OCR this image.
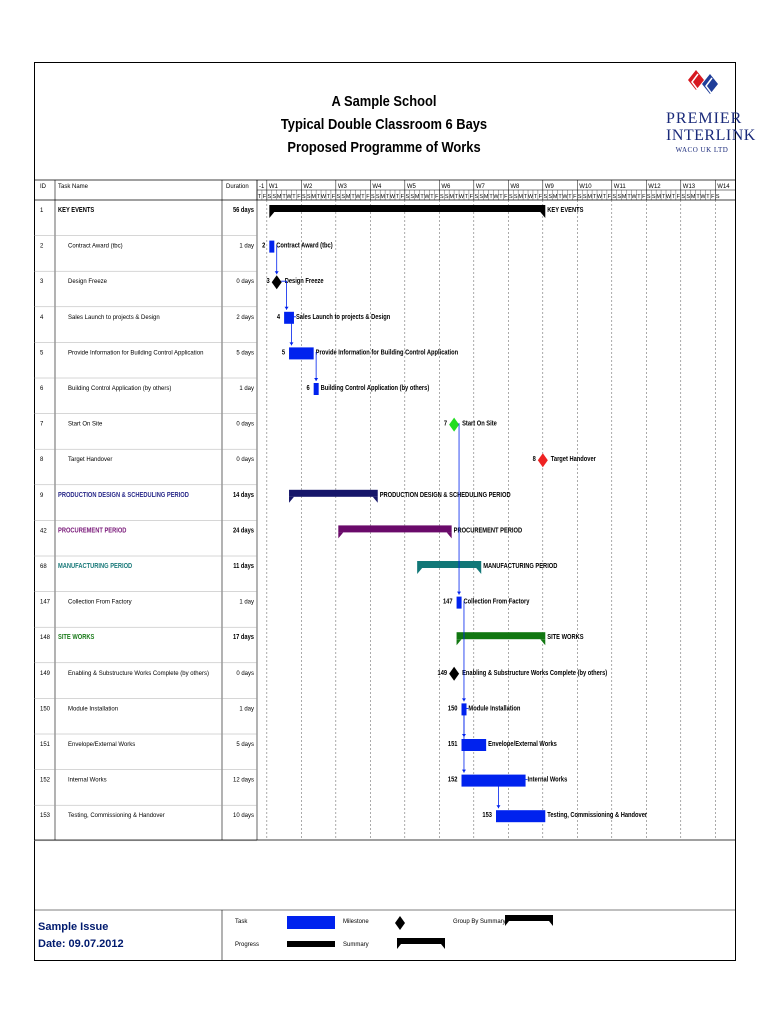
A Sample School
Typical Double Classroom 6 Bays
Proposed Programme of Works
PREMIER
INTERLINK
WACO UK LTD
ID Task Name	Duration -1 W1	W2	W3	W4	W5	W6	W7	W8	W9	W10	W11	W12	W13	W14
T F S S M T W T F S S M T W T F S S M T W T F S S M T W T F S S M T W T F S S M T W T F S S M T W T F S S M T W T F S S M T W T F S S M T W T F S S M T W T F S S M T W T F S S M T W T F S
1 KEY EVENTS	56 days	KEY EVENTS
2	Contract Award (tbc)	1 day 2 Contract Award (tbc)
3	Design Freeze	0 days 3 Design Freeze
4	Sales Launch to projects & Design	2 days	4 Sales Launch to projects & Design
5	Provide Information for Building Control Application	5 days	5	Provide Information for Building Control Application
6	Building Control Application (by others)	1 day	6 Building Control Application (by others)
7	Start On Site	0 days	7 Start On Site
8	Target Handover	0 days	8 Target Handover
9 PRODUCTION DESIGN & SCHEDULING PERIOD	14 days	PRODUCTION DESIGN & SCHEDULING PERIOD
42 PROCUREMENT PERIOD	24 days	PROCUREMENT PERIOD
68 MANUFACTURING PERIOD	11 days	MANUFACTURING PERIOD
147	Collection From Factory	1 day	147 Collection From Factory
148 SITE WORKS	17 days	SITE WORKS
149	Enabling & Substructure Works Complete (by others)	0 days	149 Enabling & Substructure Works Complete (by others)
150	Module Installation	1 day	150 Module Installation
151	Envelope/External Works	5 days	151	Envelope/External Works
152	Internal Works	12 days	152	Internal Works
153	Testing, Commissioning & Handover	10 days	153	Testing, Commissioning & Handover
Sample Issue
Date: 09.07.2012
Task
Progress
Milestone
Summary
Group By Summary
